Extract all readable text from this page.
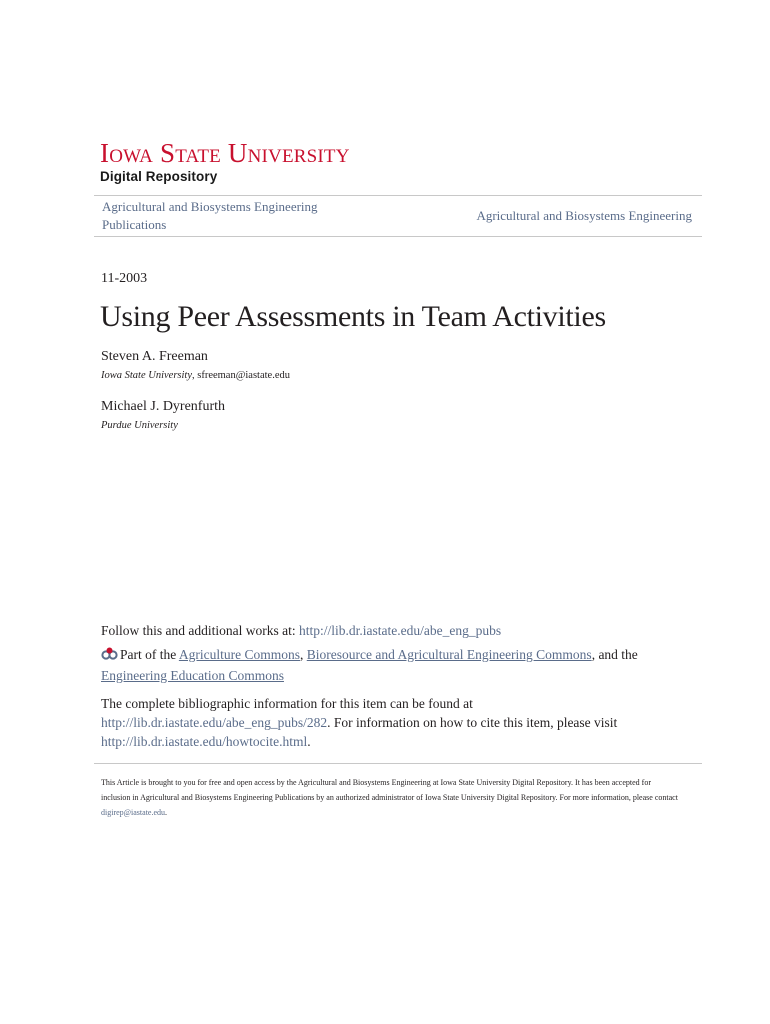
Iowa State University
Digital Repository
Agricultural and Biosystems Engineering Publications
Agricultural and Biosystems Engineering
11-2003
Using Peer Assessments in Team Activities
Steven A. Freeman
Iowa State University, sfreeman@iastate.edu
Michael J. Dyrenfurth
Purdue University
Follow this and additional works at: http://lib.dr.iastate.edu/abe_eng_pubs
Part of the Agriculture Commons, Bioresource and Agricultural Engineering Commons, and the Engineering Education Commons
The complete bibliographic information for this item can be found at http://lib.dr.iastate.edu/abe_eng_pubs/282. For information on how to cite this item, please visit http://lib.dr.iastate.edu/howtocite.html.
This Article is brought to you for free and open access by the Agricultural and Biosystems Engineering at Iowa State University Digital Repository. It has been accepted for inclusion in Agricultural and Biosystems Engineering Publications by an authorized administrator of Iowa State University Digital Repository. For more information, please contact digirep@iastate.edu.
